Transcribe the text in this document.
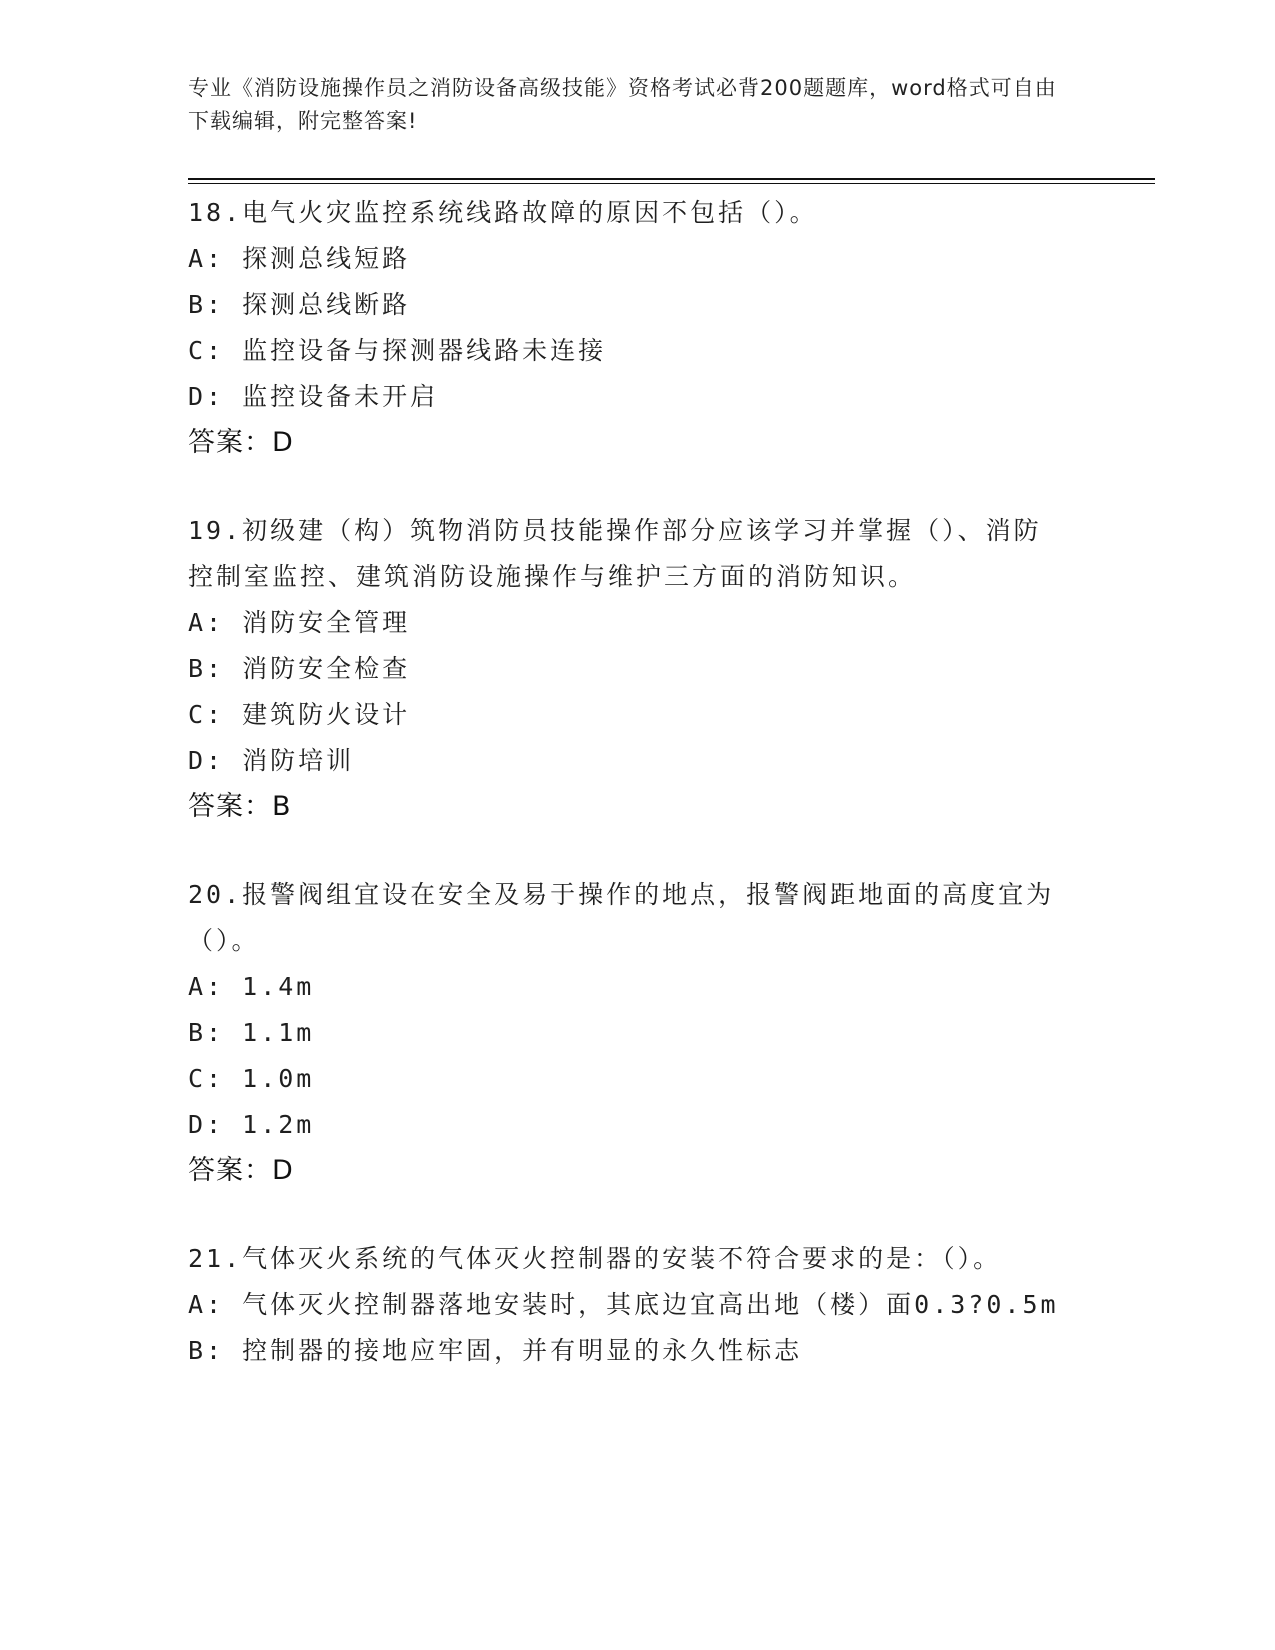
专业《消防设施操作员之消防设备高级技能》资格考试必背200题题库，word格式可自由下载编辑，附完整答案!
18.电气火灾监控系统线路故障的原因不包括（）。
A: 探测总线短路
B: 探测总线断路
C: 监控设备与探测器线路未连接
D: 监控设备未开启
答案：D
19.初级建（构）筑物消防员技能操作部分应该学习并掌握（）、消防控制室监控、建筑消防设施操作与维护三方面的消防知识。
A: 消防安全管理
B: 消防安全检查
C: 建筑防火设计
D: 消防培训
答案：B
20.报警阀组宜设在安全及易于操作的地点，报警阀距地面的高度宜为（）。
A: 1.4m
B: 1.1m
C: 1.0m
D: 1.2m
答案：D
21.气体灭火系统的气体灭火控制器的安装不符合要求的是：（）。
A: 气体灭火控制器落地安装时，其底边宜高出地（楼）面0.3?0.5m
B: 控制器的接地应牢固，并有明显的永久性标志
